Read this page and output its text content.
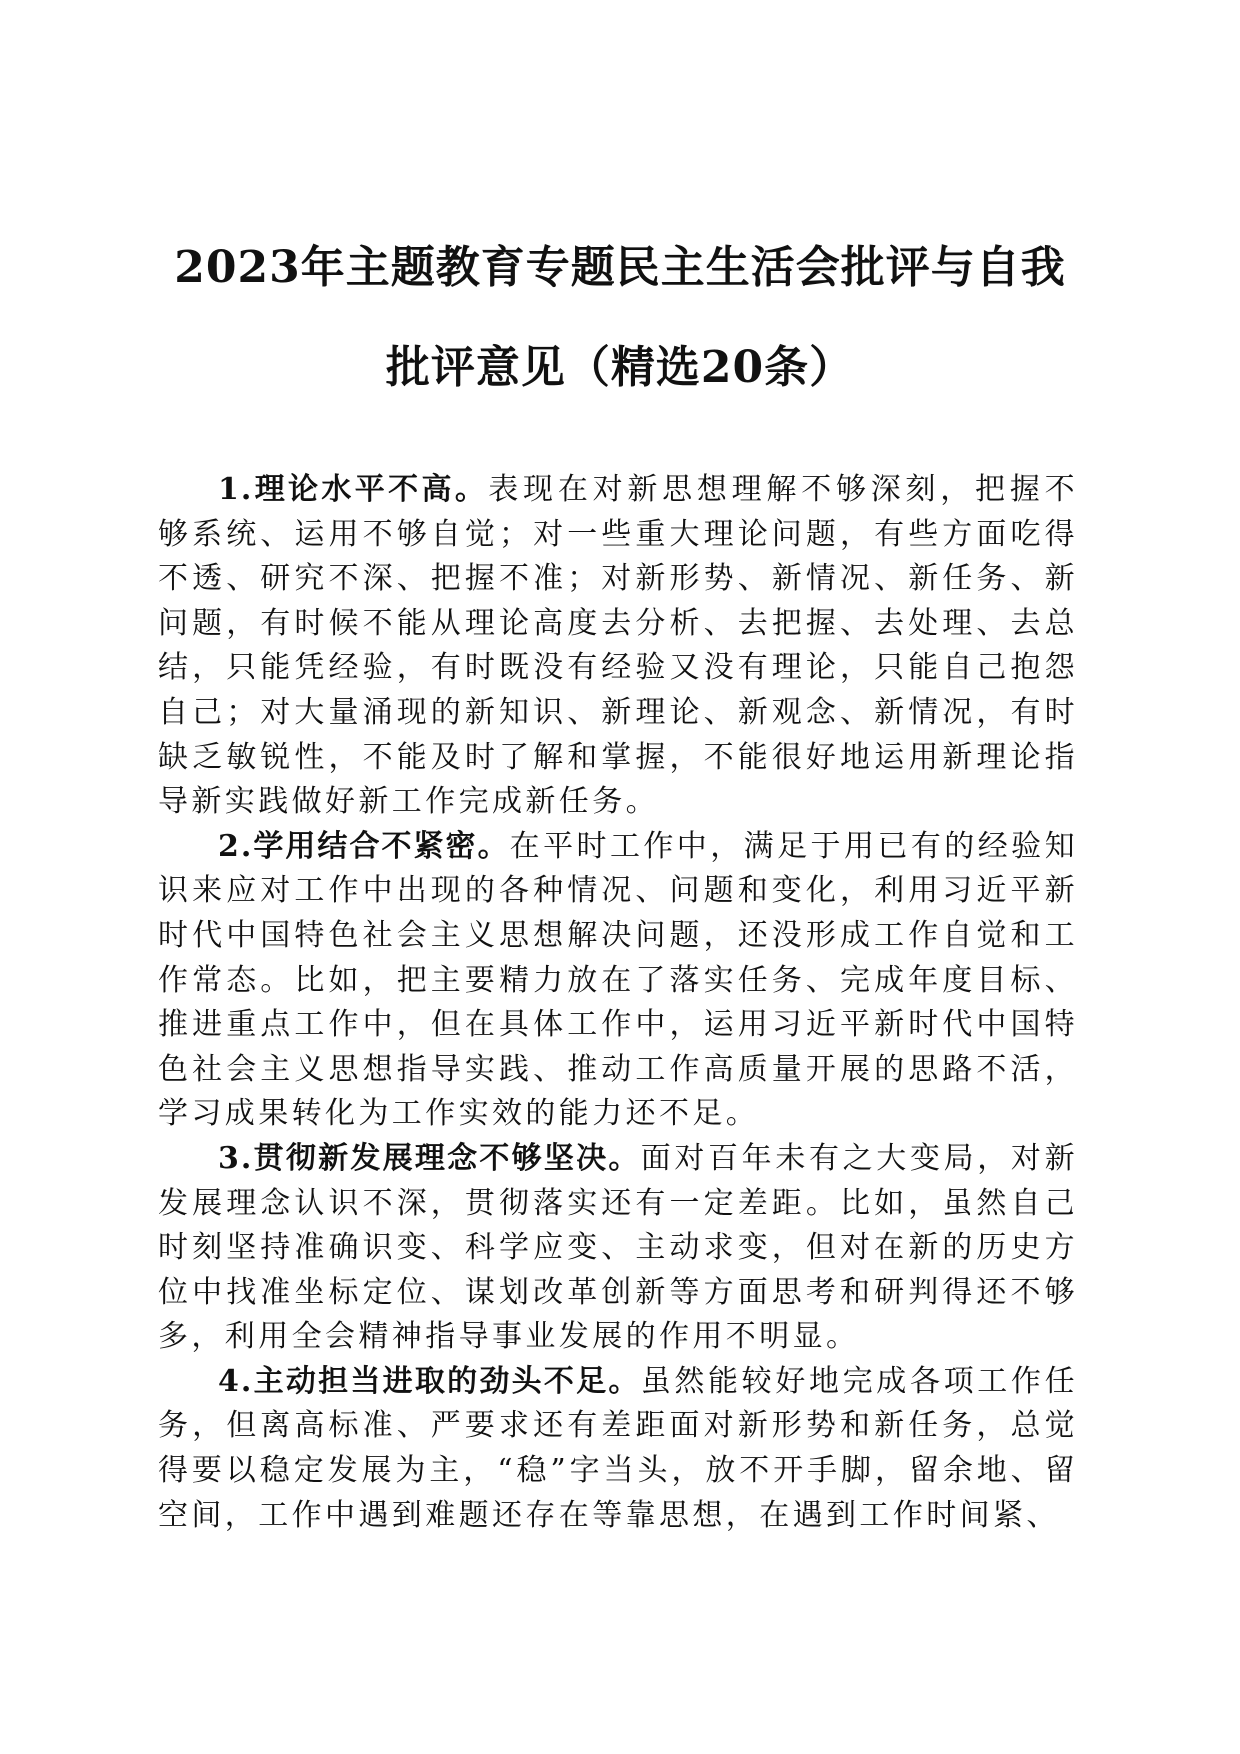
2023年主题教育专题民主生活会批评与自我
批评意见（精选20条）

1.理论水平不高。表现在对新思想理解不够深刻，把握不够系统、运用不够自觉；对一些重大理论问题，有些方面吃得不透、研究不深、把握不准；对新形势、新情况、新任务、新问题，有时候不能从理论高度去分析、去把握、去处理、去总结，只能凭经验，有时既没有经验又没有理论，只能自己抱怨自己；对大量涌现的新知识、新理论、新观念、新情况，有时缺乏敏锐性，不能及时了解和掌握，不能很好地运用新理论指导新实践做好新工作完成新任务。

2.学用结合不紧密。在平时工作中，满足于用已有的经验知识来应对工作中出现的各种情况、问题和变化，利用习近平新时代中国特色社会主义思想解决问题，还没形成工作自觉和工作常态。比如，把主要精力放在了落实任务、完成年度目标、推进重点工作中，但在具体工作中，运用习近平新时代中国特色社会主义思想指导实践、推动工作高质量开展的思路不活，学习成果转化为工作实效的能力还不足。

3.贯彻新发展理念不够坚决。面对百年未有之大变局，对新发展理念认识不深，贯彻落实还有一定差距。比如，虽然自己时刻坚持准确识变、科学应变、主动求变，但对在新的历史方位中找准坐标定位、谋划改革创新等方面思考和研判得还不够多，利用全会精神指导事业发展的作用不明显。

4.主动担当进取的劲头不足。虽然能较好地完成各项工作任务，但离高标准、严要求还有差距面对新形势和新任务，总觉得要以稳定发展为主，“稳”字当头，放不开手脚，留余地、留空间，工作中遇到难题还存在等靠思想，在遇到工作时间紧、
